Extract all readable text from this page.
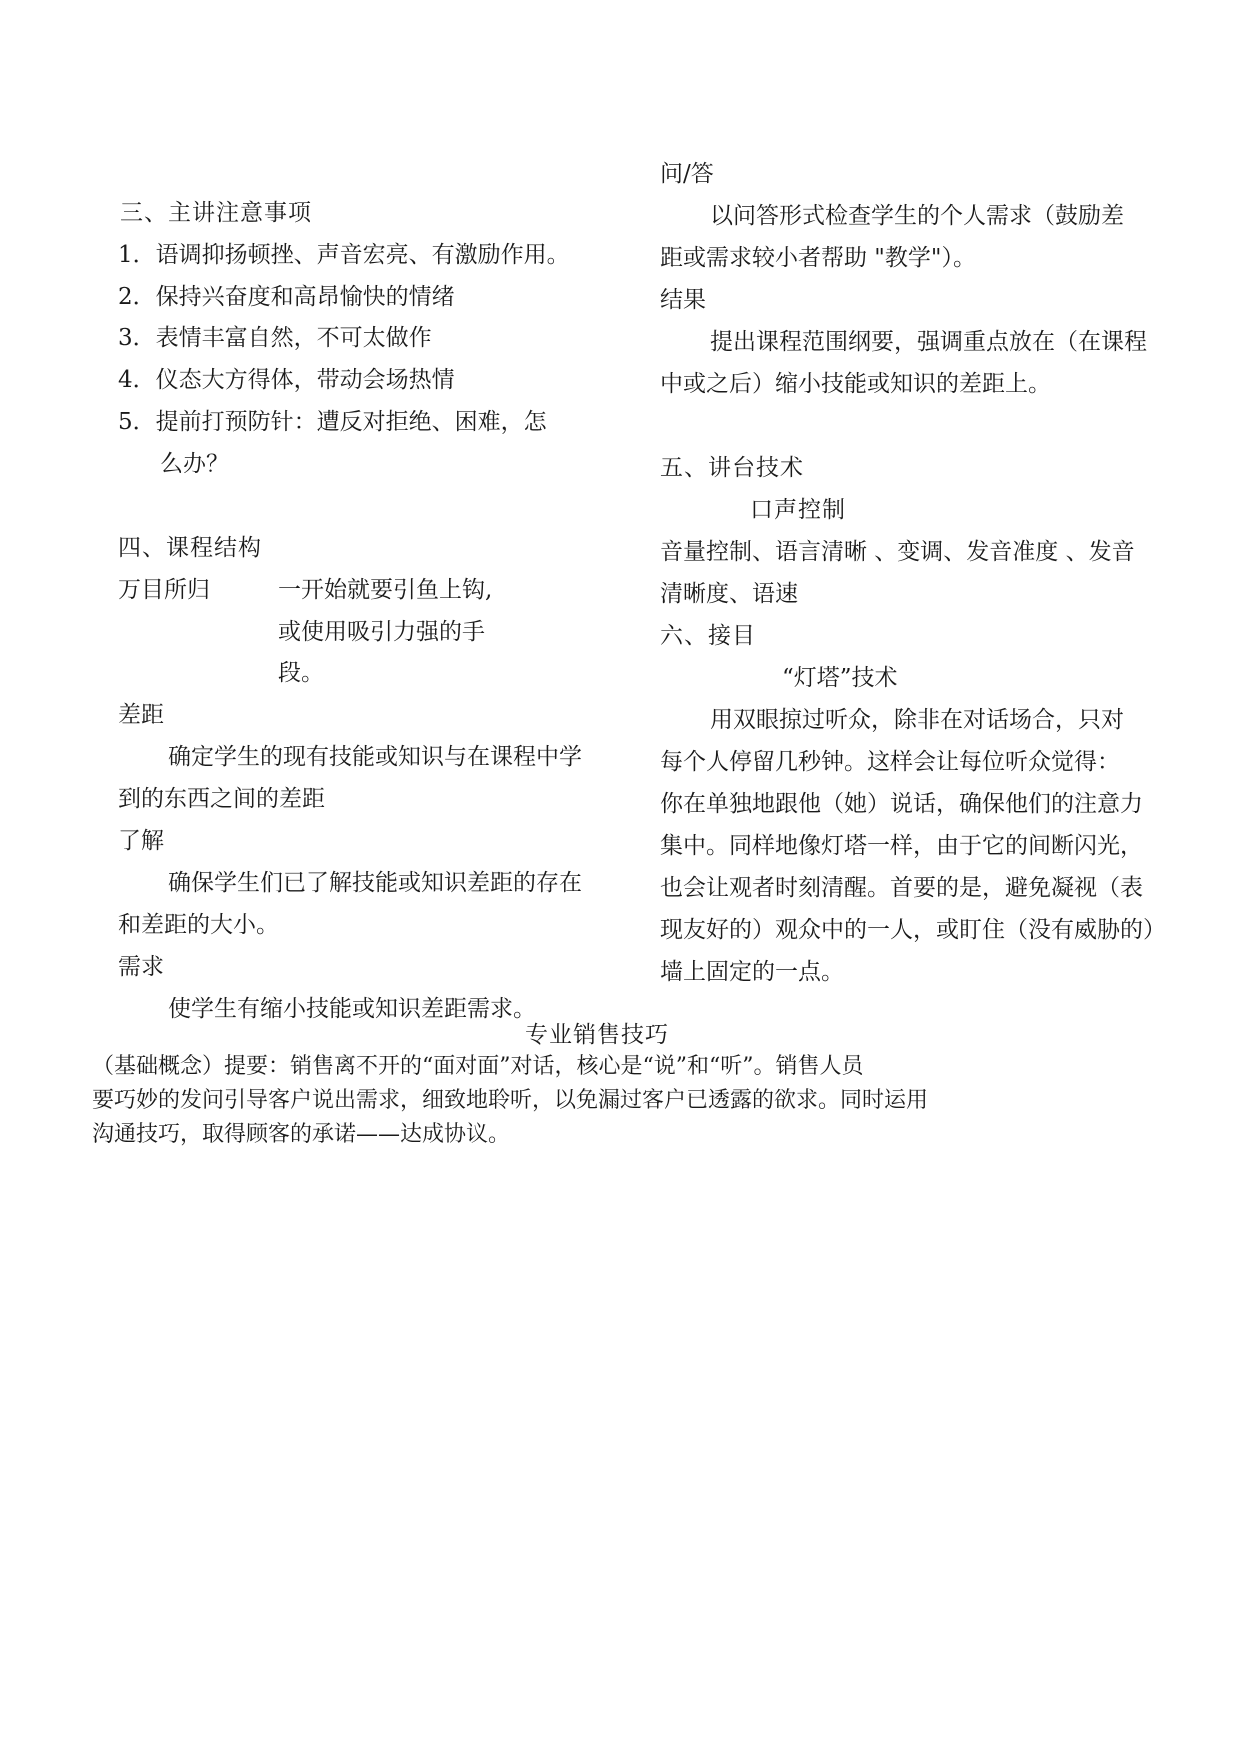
三、主讲注意事项
1．语调抑扬顿挫、声音宏亮、有激励作用。
2．保持兴奋度和高昂愉快的情绪
3．表情丰富自然，不可太做作
4．仪态大方得体，带动会场热情
5．提前打预防针：遭反对拒绝、困难，怎
么办？
四、课程结构
万目所归	一开始就要引鱼上钩,
或使用吸引力强的手
段。
差距
确定学生的现有技能或知识与在课程中学
到的东西之间的差距
了解
确保学生们已了解技能或知识差距的存在
和差距的大小。
需求
使学生有缩小技能或知识差距需求。
问/答
以问答形式检查学生的个人需求（鼓励差
距或需求较小者帮助 "教学"）。
结果
提出课程范围纲要，强调重点放在（在课程
中或之后）缩小技能或知识的差距上。
五、讲台技术
口声控制
音量控制、语言清晰 、变调、发音准度 、发音
清晰度、语速
六、接目
“灯塔”技术
用双眼掠过听众，除非在对话场合，只对
每个人停留几秒钟。这样会让每位听众觉得：
你在单独地跟他（她）说话，确保他们的注意力
集中。同样地像灯塔一样，由于它的间断闪光，
也会让观者时刻清醒。首要的是，避免凝视（表
现友好的）观众中的一人，或盯住（没有威胁的）
墙上固定的一点。
专业销售技巧
（基础概念）提要：销售离不开的“面对面”对话，核心是“说”和“听”。销售人员
要巧妙的发问引导客户说出需求，细致地聆听，以免漏过客户已透露的欲求。同时运用
沟通技巧，取得顾客的承诺——达成协议。
